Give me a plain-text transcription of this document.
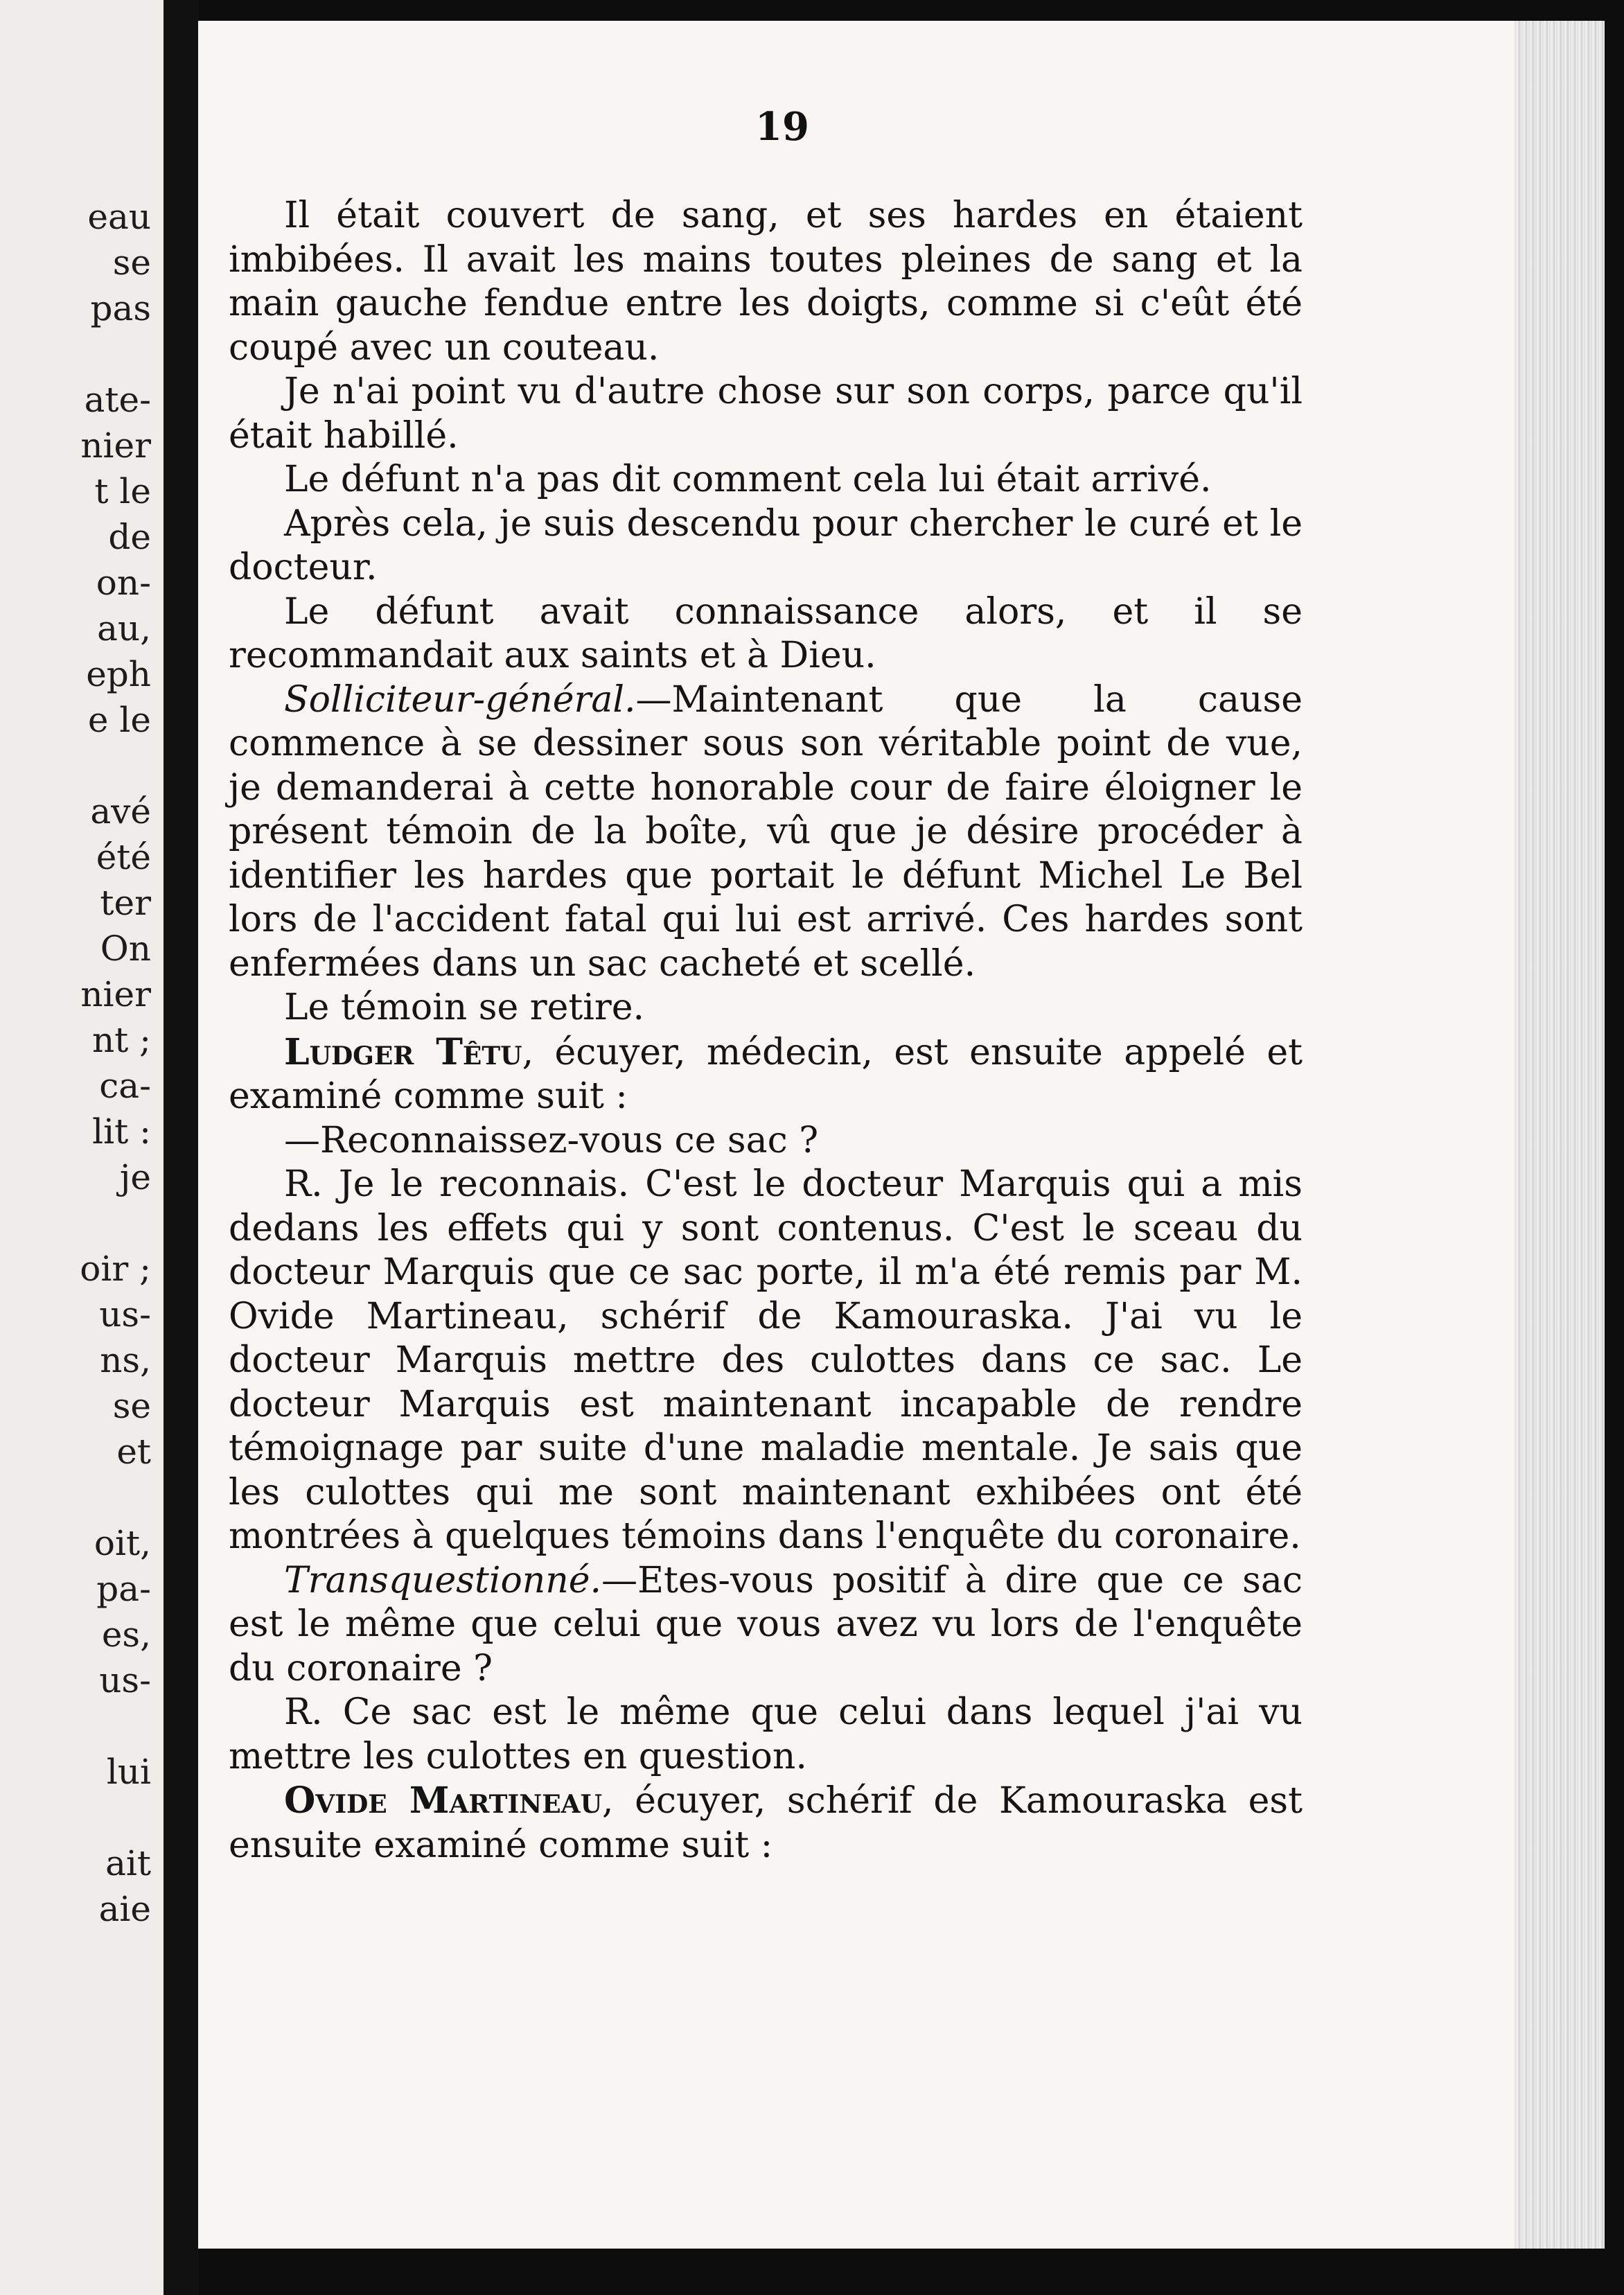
eau
se
pas
ate-
nier
t le
de
on-
au,
eph
e le
avé
été
ter
On
nier
nt ;
ca-
lit :
je
oir ;
us-
ns,
se
et
oit,
pa-
es,
us-
lui
ait
aie
19

Il était couvert de sang, et ses hardes en étaient imbibées. Il avait les mains toutes pleines de sang et la main gauche fendue entre les doigts, comme si c'eût été coupé avec un couteau.

Je n'ai point vu d'autre chose sur son corps, parce qu'il était habillé.

Le défunt n'a pas dit comment cela lui était arrivé.

Après cela, je suis descendu pour chercher le curé et le docteur.

Le défunt avait connaissance alors, et il se recommandait aux saints et à Dieu.

Solliciteur-général.—Maintenant que la cause commence à se dessiner sous son véritable point de vue, je demanderai à cette honorable cour de faire éloigner le présent témoin de la boîte, vû que je désire procéder à identifier les hardes que portait le défunt Michel Le Bel lors de l'accident fatal qui lui est arrivé. Ces hardes sont enfermées dans un sac cacheté et scellé.

Le témoin se retire.

Ludger Têtu, écuyer, médecin, est ensuite appelé et examiné comme suit :

—Reconnaissez-vous ce sac ?

R. Je le reconnais. C'est le docteur Marquis qui a mis dedans les effets qui y sont contenus. C'est le sceau du docteur Marquis que ce sac porte, il m'a été remis par M. Ovide Martineau, schérif de Kamouraska. J'ai vu le docteur Marquis mettre des culottes dans ce sac. Le docteur Marquis est maintenant incapable de rendre témoignage par suite d'une maladie mentale. Je sais que les culottes qui me sont maintenant exhibées ont été montrées à quelques témoins dans l'enquête du coronaire.

Transquestionné.—Etes-vous positif à dire que ce sac est le même que celui que vous avez vu lors de l'enquête du coronaire ?

R. Ce sac est le même que celui dans lequel j'ai vu mettre les culottes en question.

Ovide Martineau, écuyer, schérif de Kamouraska est ensuite examiné comme suit :
